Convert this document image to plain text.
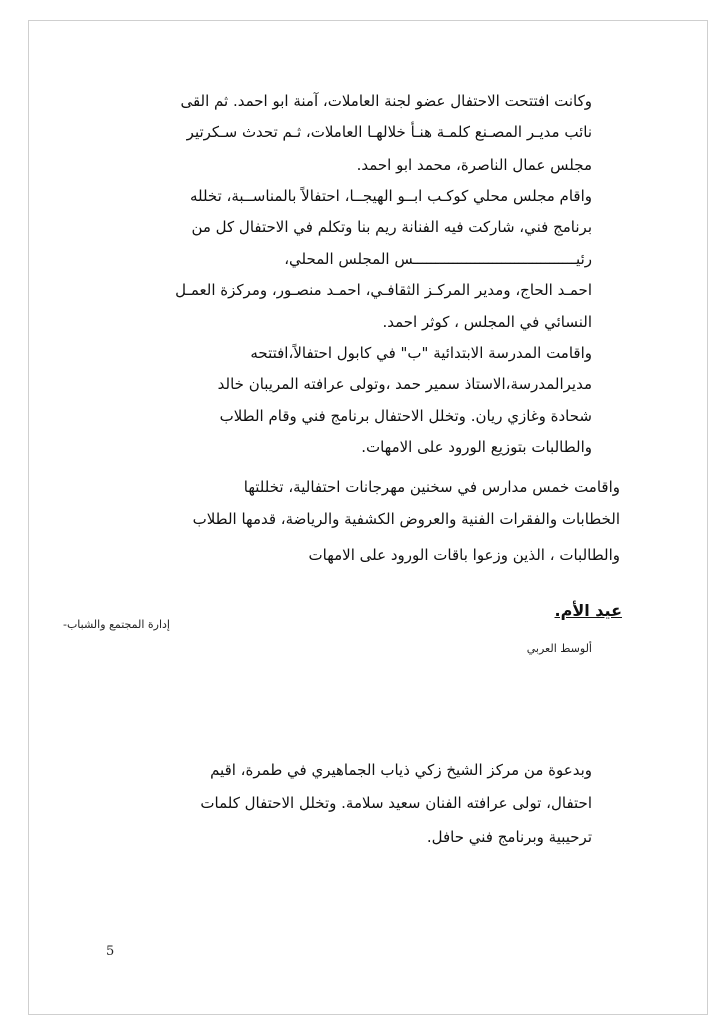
وكانت افتتحت الاحتفال عضو لجنة العاملات، آمنة ابو احمد. ثم القى
نائب مديـر المصـنع كلمـة هنـأ خلالهـا العاملات، ثـم تحدث سـكرتير
مجلس عمال الناصرة، محمد ابو احمد.
واقام مجلس محلي كوكـب ابــو الهيجــا، احتفالاً بالمناســبة، تخلله
برنامج فني، شاركت فيه الفنانة ريم بنا وتكلم في الاحتفال كل من
رئيـــــــــــــــــــــــــــــــــــــس المجلس المحلي،
احمـد الحاج، ومدير المركـز الثقافـي، احمـد منصـور، ومركزة العمـل
النسائي في المجلس ، كوثر احمد.
واقامت المدرسة الابتدائية "ب" في كابول احتفالاً،افتتحه
مديرالمدرسة،الاستاذ سمير حمد ،وتولى عرافته المريبان خالد
شحادة وغازي ريان. وتخلل الاحتفال برنامج فني وقام الطلاب
والطالبات بتوزيع الورود على الامهات.
واقامت خمس مدارس في سخنين مهرجانات احتفالية، تخللتها
الخطابات والفقرات الفنية والعروض الكشفية والرياضة، قدمها الطلاب
والطالبات ، الذين وزعوا باقات الورود على الامهات
عيد الأم.
إدارة المجتمع والشباب-
ألوسط العربي
وبدعوة من مركز الشيخ زكي ذياب الجماهيري في طمرة، اقيم
احتفال، تولى عرافته الفنان سعيد سلامة. وتخلل الاحتفال كلمات
ترحيبية وبرنامج فني حافل.
5
